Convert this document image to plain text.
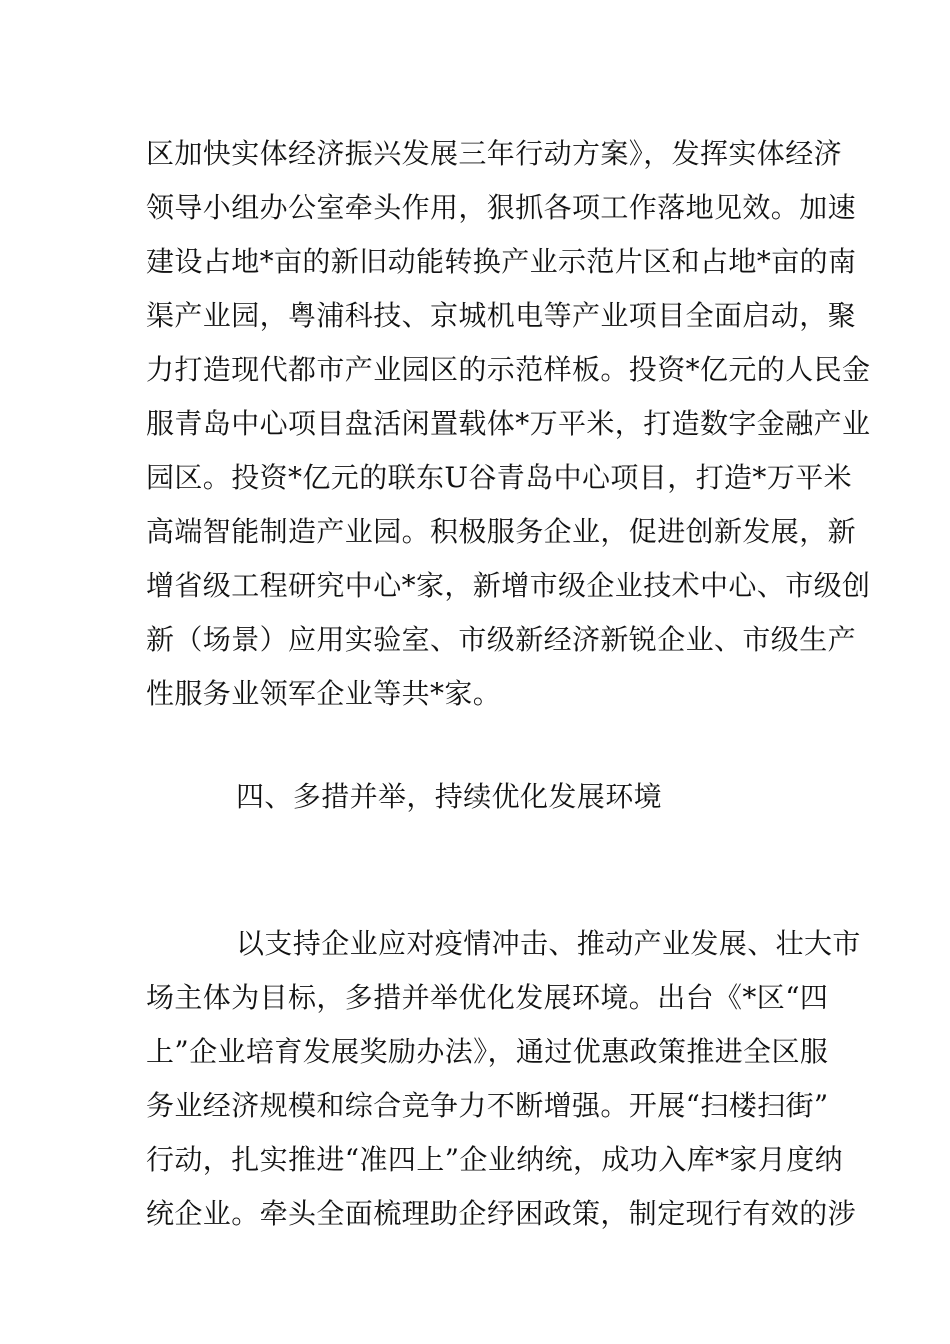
区加快实体经济振兴发展三年行动方案》，发挥实体经济
领导小组办公室牵头作用，狠抓各项工作落地见效。加速
建设占地*亩的新旧动能转换产业示范片区和占地*亩的南
渠产业园，粤浦科技、京城机电等产业项目全面启动，聚
力打造现代都市产业园区的示范样板。投资*亿元的人民金
服青岛中心项目盘活闲置载体*万平米，打造数字金融产业
园区。投资*亿元的联东U谷青岛中心项目，打造*万平米
高端智能制造产业园。积极服务企业，促进创新发展，新
增省级工程研究中心*家，新增市级企业技术中心、市级创
新（场景）应用实验室、市级新经济新锐企业、市级生产
性服务业领军企业等共*家。
四、多措并举，持续优化发展环境
以支持企业应对疫情冲击、推动产业发展、壮大市
场主体为目标，多措并举优化发展环境。出台《*区“四
上”企业培育发展奖励办法》，通过优惠政策推进全区服
务业经济规模和综合竞争力不断增强。开展“扫楼扫街”
行动，扎实推进“准四上”企业纳统，成功入库*家月度纳
统企业。牵头全面梳理助企纾困政策，制定现行有效的涉
